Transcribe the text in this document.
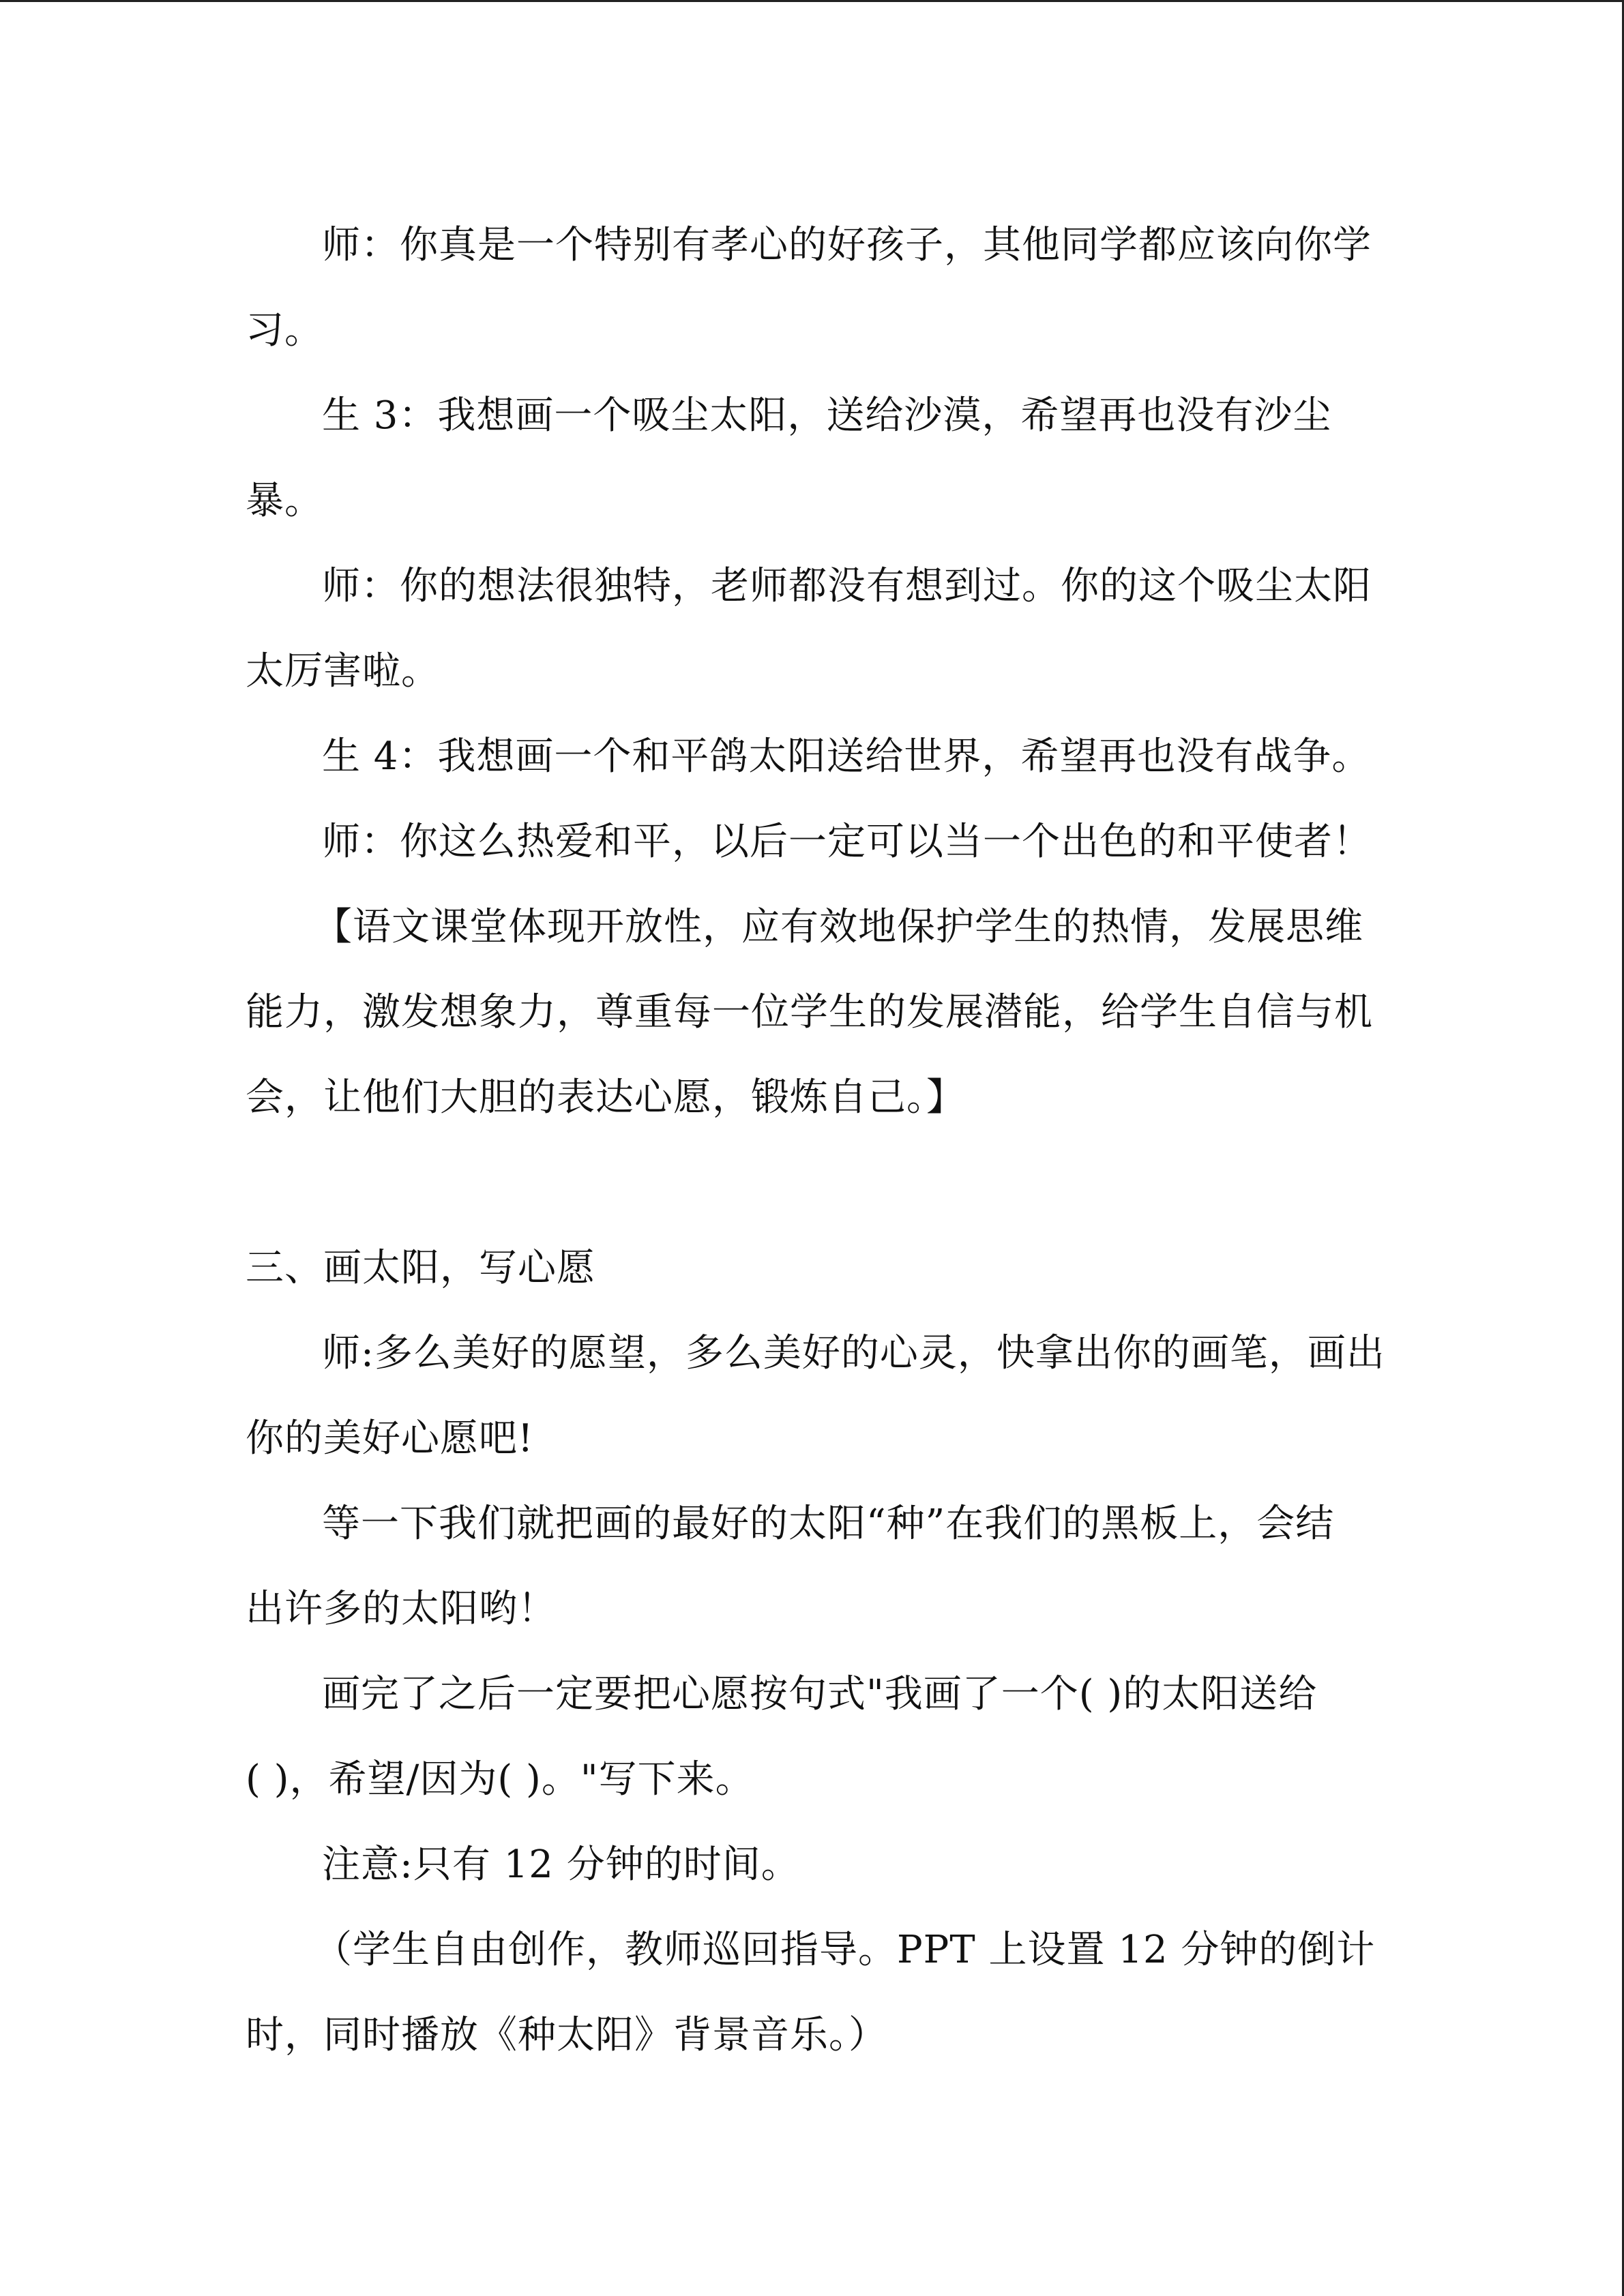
师：你真是一个特别有孝心的好孩子，其他同学都应该向你学
习。
生 3：我想画一个吸尘太阳，送给沙漠，希望再也没有沙尘
暴。
师：你的想法很独特，老师都没有想到过。你的这个吸尘太阳
太厉害啦。
生 4：我想画一个和平鸽太阳送给世界，希望再也没有战争。
师：你这么热爱和平，以后一定可以当一个出色的和平使者！
【语文课堂体现开放性，应有效地保护学生的热情，发展思维
能力，激发想象力，尊重每一位学生的发展潜能，给学生自信与机
会，让他们大胆的表达心愿，锻炼自己。】
三、画太阳，写心愿
师:多么美好的愿望，多么美好的心灵，快拿出你的画笔，画出
你的美好心愿吧!
等一下我们就把画的最好的太阳“种”在我们的黑板上，会结
出许多的太阳哟！
画完了之后一定要把心愿按句式"我画了一个( )的太阳送给
( )，希望/因为( )。"写下来。
注意:只有 12 分钟的时间。
（学生自由创作，教师巡回指导。PPT 上设置 12 分钟的倒计
时，同时播放《种太阳》背景音乐。）
